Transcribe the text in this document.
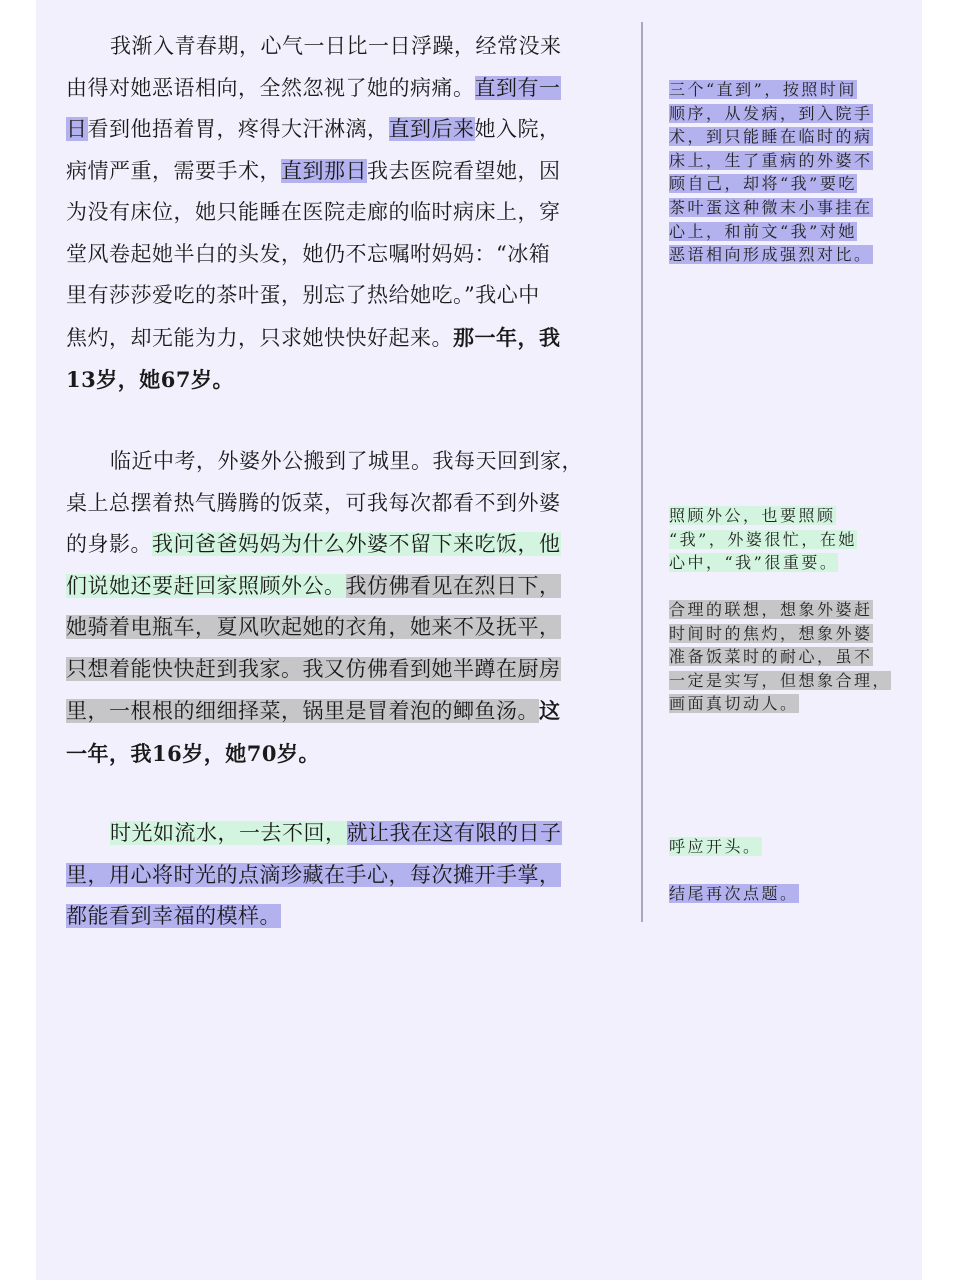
我渐入青春期，心气一日比一日浮躁，经常没来
由得对她恶语相向，全然忽视了她的病痛。直到有一
日看到他捂着胃，疼得大汗淋漓，直到后来她入院，
病情严重，需要手术，直到那日我去医院看望她，因
为没有床位，她只能睡在医院走廊的临时病床上，穿
堂风卷起她半白的头发，她仍不忘嘱咐妈妈：“冰箱
里有莎莎爱吃的茶叶蛋，别忘了热给她吃。”我心中
焦灼，却无能为力，只求她快快好起来。那一年，我
13岁，她67岁。
临近中考，外婆外公搬到了城里。我每天回到家，
桌上总摆着热气腾腾的饭菜，可我每次都看不到外婆
的身影。我问爸爸妈妈为什么外婆不留下来吃饭，他
们说她还要赶回家照顾外公。我仿佛看见在烈日下，
她骑着电瓶车，夏风吹起她的衣角，她来不及抚平，
只想着能快快赶到我家。我又仿佛看到她半蹲在厨房
里，一根根的细细择菜，锅里是冒着泡的鲫鱼汤。这
一年，我16岁，她70岁。
时光如流水，一去不回，就让我在这有限的日子
里，用心将时光的点滴珍藏在手心，每次摊开手掌，
都能看到幸福的模样。
三个“直到”，按照时间
顺序，从发病，到入院手
术，到只能睡在临时的病
床上，生了重病的外婆不
顾自己，却将“我”要吃
茶叶蛋这种微末小事挂在
心上，和前文“我”对她
恶语相向形成强烈对比。
照顾外公，也要照顾
“我”，外婆很忙，在她
心中，“我”很重要。
合理的联想，想象外婆赶
时间时的焦灼，想象外婆
准备饭菜时的耐心，虽不
一定是实写，但想象合理，
画面真切动人。
呼应开头。
结尾再次点题。
